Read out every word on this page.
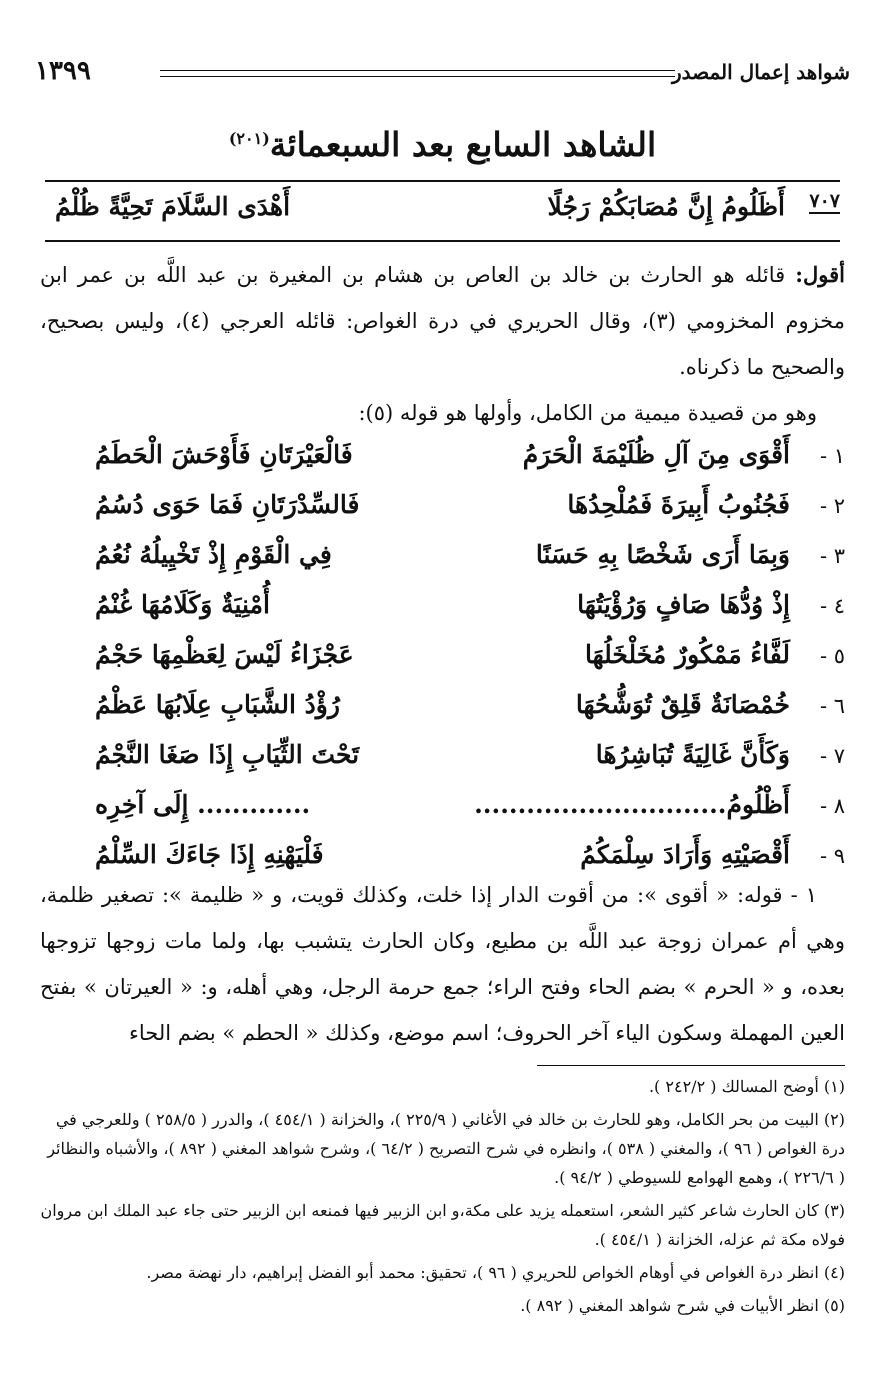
شواهد إعمال المصدر
١٣٩٩
الشاهد السابع بعد السبعمائة$^{(٢٠١)}$
٧٠٧
أَظَلُومُ إِنَّ مُصَابَكُمْ رَجُلًا
أَهْدَى السَّلَامَ تَحِيَّةً ظُلْمُ

أقول: قائله هو الحارث بن خالد بن العاص بن هشام بن المغيرة بن عبد اللَّه بن عمر ابن مخزوم المخزومي (٣)، وقال الحريري في درة الغواص: قائله العرجي (٤)، وليس بصحيح، والصحيح ما ذكرناه.

وهو من قصيدة ميمية من الكامل، وأولها هو قوله (٥):

١ -
أَقْوَى مِنَ آلِ ظُلَيْمَةَ الْحَرَمُ
فَالْعَيْرَتَانِ فَأَوْحَشَ الْحَطَمُ
٢ -
فَجُنُوبُ أَبِيرَةَ فَمُلْحِدُهَا
فَالسِّدْرَتَانِ فَمَا حَوَى دُسُمُ
٣ -
وَبِمَا أَرَى شَخْصًا بِهِ حَسَنًا
فِي الْقَوْمِ إِذْ تَخْيِيلُهُ نُعُمُ
٤ -
إِذْ وُدُّهَا صَافٍ وَرُؤْيَتُهَا
أُمْنِيَةٌ وَكَلَامُهَا غُنْمُ
٥ -
لَفَّاءُ مَمْكُورٌ مُخَلْخَلُهَا
عَجْزَاءُ لَيْسَ لِعَظْمِهَا حَجْمُ
٦ -
خُمْصَانَةٌ قَلِقٌ تُوَشُّحُهَا
رُؤْدُ الشَّبَابِ عِلَابُهَا عَظْمُ
٧ -
وَكَأَنَّ غَالِيَةً تُبَاشِرُهَا
تَحْتَ الثِّيَابِ إِذَا صَغَا النَّجْمُ
٨ -
أَظْلُومُ.............................
............. إِلَى آخِرِه
٩ -
أَقْصَيْتِهِ وَأَرَادَ سِلْمَكُمُ
فَلْيَهْنِهِ إِذَا جَاءَكَ السِّلْمُ

١ - قوله: « أقوى »: من أقوت الدار إذا خلت، وكذلك قويت، و « ظليمة »: تصغير ظلمة، وهي أم عمران زوجة عبد اللَّه بن مطيع، وكان الحارث يتشبب بها، ولما مات زوجها تزوجها بعده، و « الحرم » بضم الحاء وفتح الراء؛ جمع حرمة الرجل، وهي أهله، و: « العيرتان » بفتح العين المهملة وسكون الياء آخر الحروف؛ اسم موضع، وكذلك « الحطم » بضم الحاء

(١) أوضح المسالك ( ٢٤٢/٢ ).

(٢) البيت من بحر الكامل، وهو للحارث بن خالد في الأغاني ( ٢٢٥/٩ )، والخزانة ( ٤٥٤/١ )، والدرر ( ٢٥٨/٥ ) وللعرجي في درة الغواص ( ٩٦ )، والمغني ( ٥٣٨ )، وانظره في شرح التصريح ( ٦٤/٢ )، وشرح شواهد المغني ( ٨٩٢ )، والأشباه والنظائر ( ٢٢٦/٦ )، وهمع الهوامع للسيوطي ( ٩٤/٢ ).

(٣) كان الحارث شاعر كثير الشعر، استعمله يزيد على مكة،و ابن الزبير فيها فمنعه ابن الزبير حتى جاء عبد الملك ابن مروان فولاه مكة ثم عزله، الخزانة ( ٤٥٤/١ ).

(٤) انظر درة الغواص في أوهام الخواص للحريري ( ٩٦ )، تحقيق: محمد أبو الفضل إبراهيم، دار نهضة مصر.

(٥) انظر الأبيات في شرح شواهد المغني ( ٨٩٢ ).
